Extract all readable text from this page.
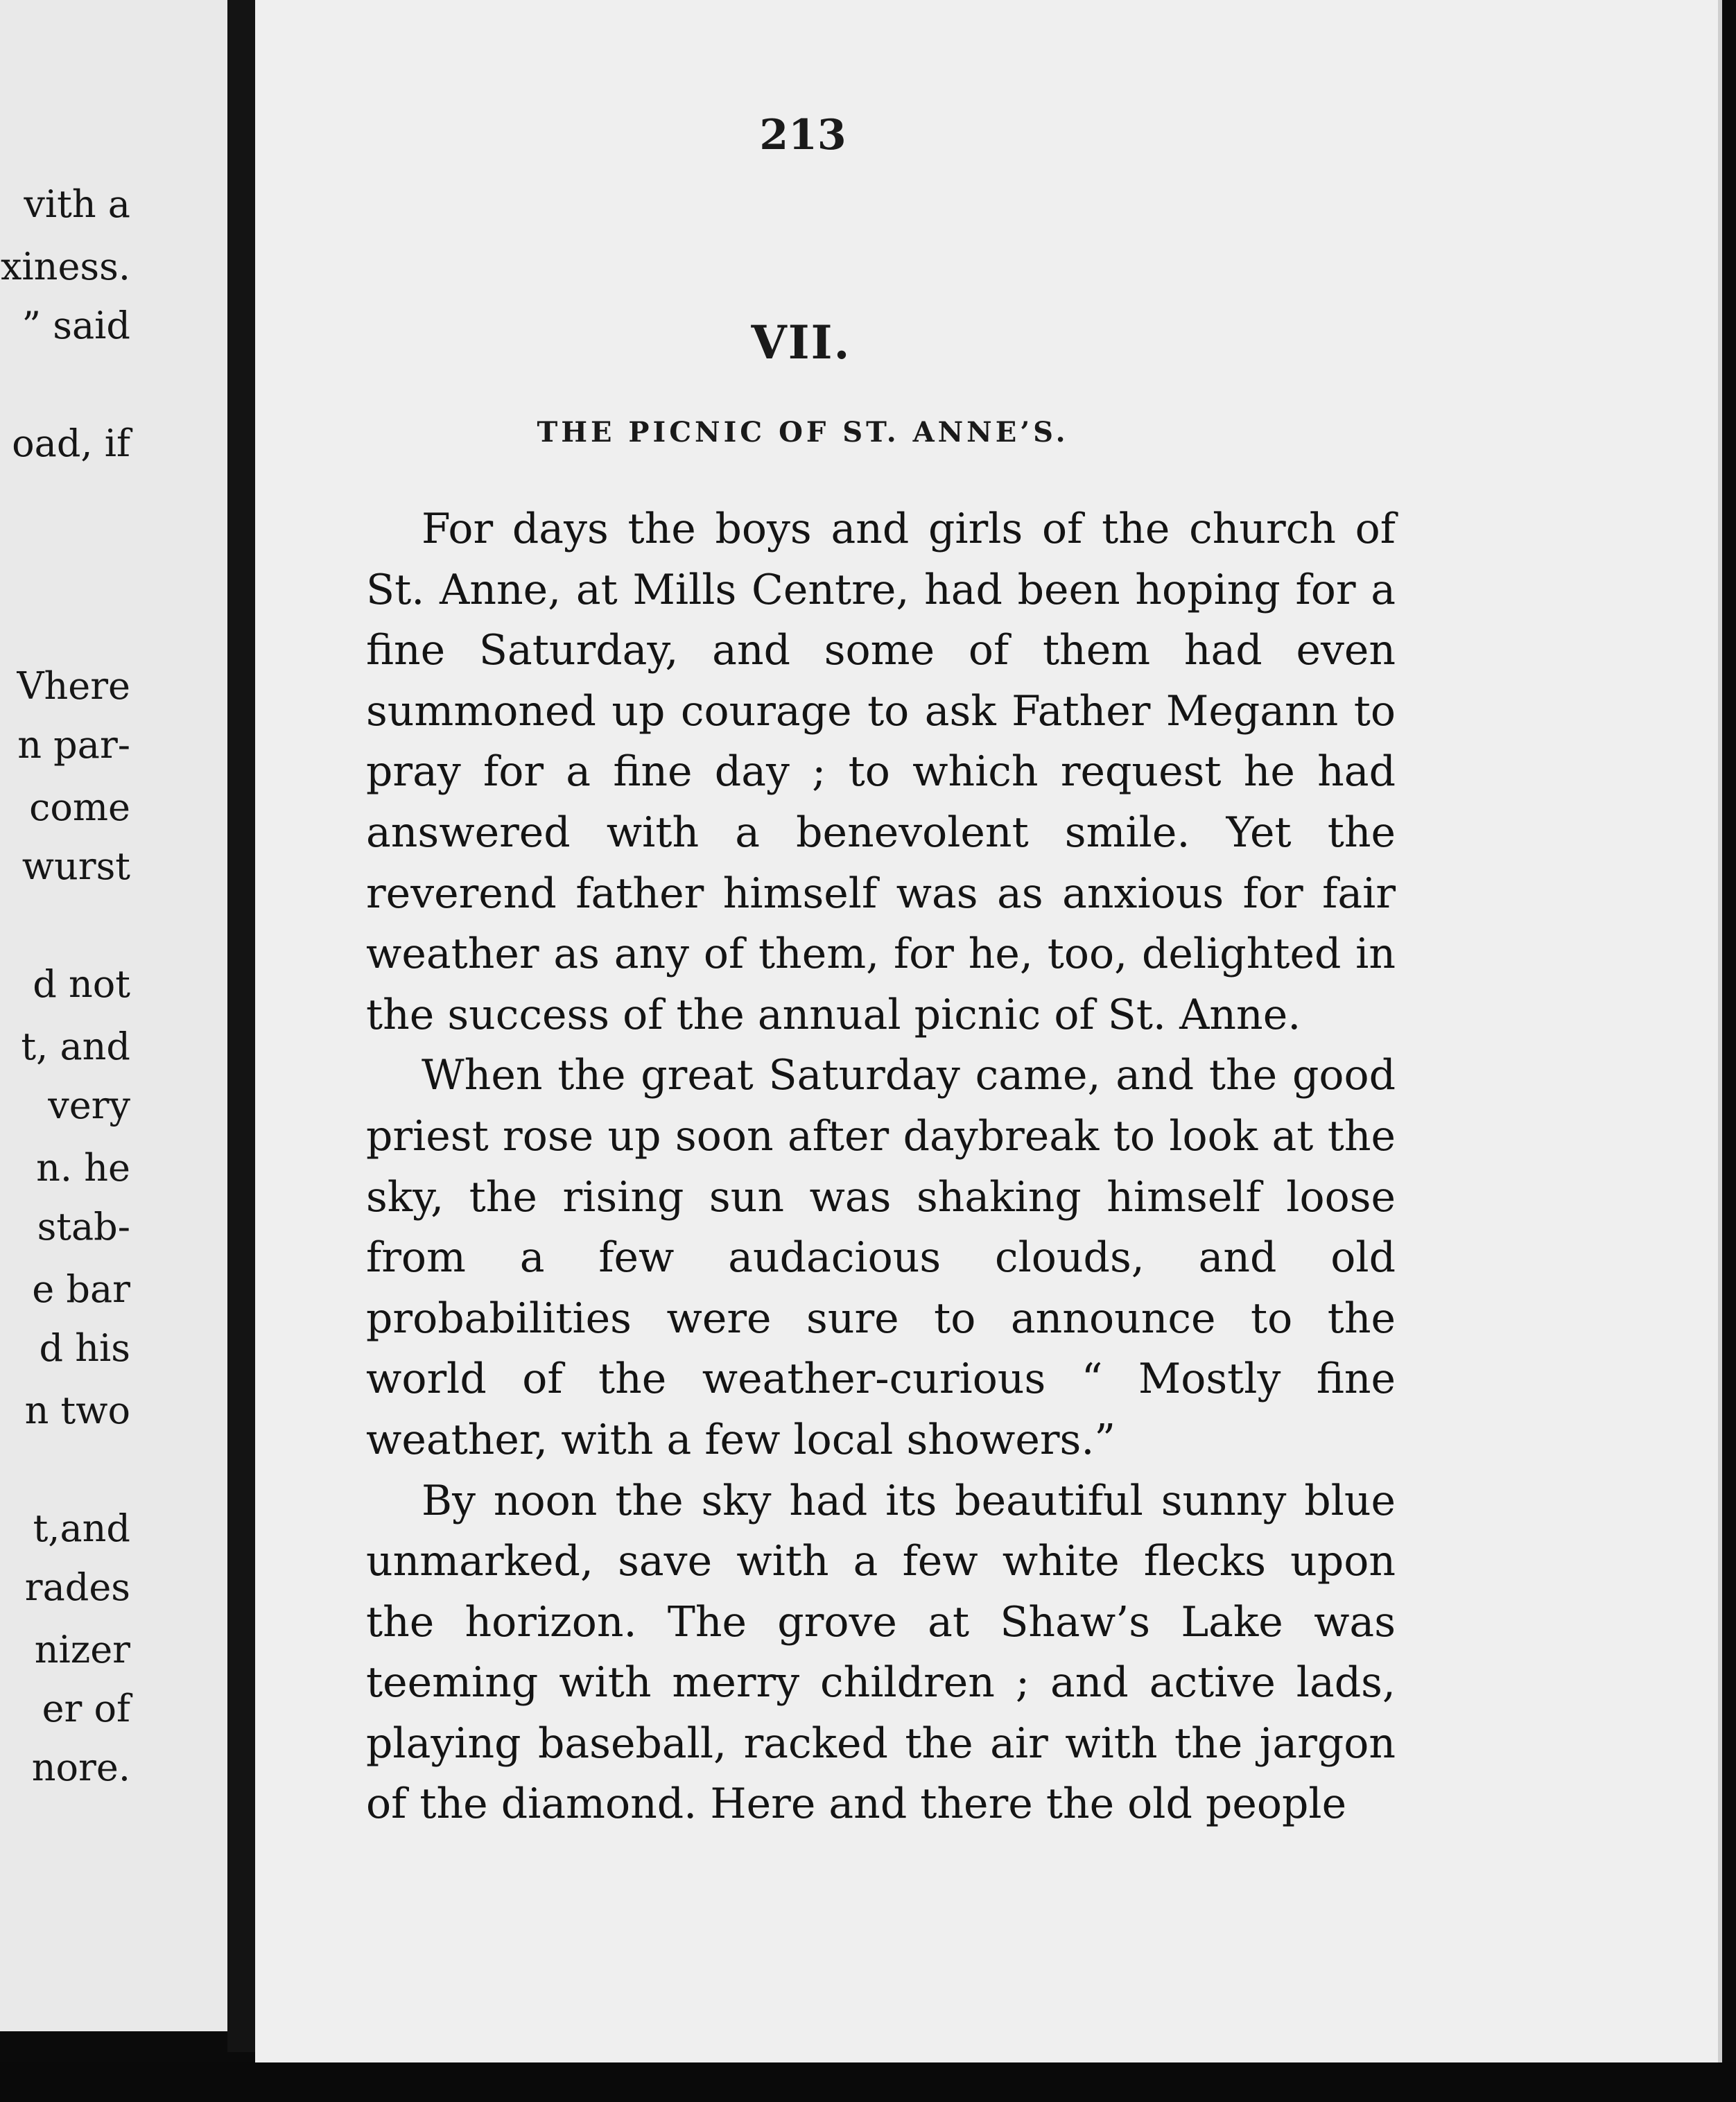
vith a
xiness.
” said
oad, if
Vhere
n par-
come
wurst
d not
t, and
very
n. he
stab-
e bar
d his
n two
t,and
rades
nizer
er of
nore.
213
VII.
THE PICNIC OF ST. ANNE’S.

For days the boys and girls of the church of St. Anne, at Mills Centre, had been hoping for a fine Saturday, and some of them had even summoned up courage to ask Father Megann to pray for a fine day ; to which request he had answered with a benevolent smile. Yet the reverend father himself was as anxious for fair weather as any of them, for he, too, delighted in the success of the annual picnic of St. Anne.

When the great Saturday came, and the good priest rose up soon after daybreak to look at the sky, the rising sun was shaking himself loose from a few audacious clouds, and old probabilities were sure to announce to the world of the weather-curious “ Mostly fine weather, with a few local showers.”

By noon the sky had its beautiful sunny blue unmarked, save with a few white flecks upon the horizon. The grove at Shaw’s Lake was teeming with merry children ; and active lads, playing baseball, racked the air with the jargon of the diamond. Here and there the old people
